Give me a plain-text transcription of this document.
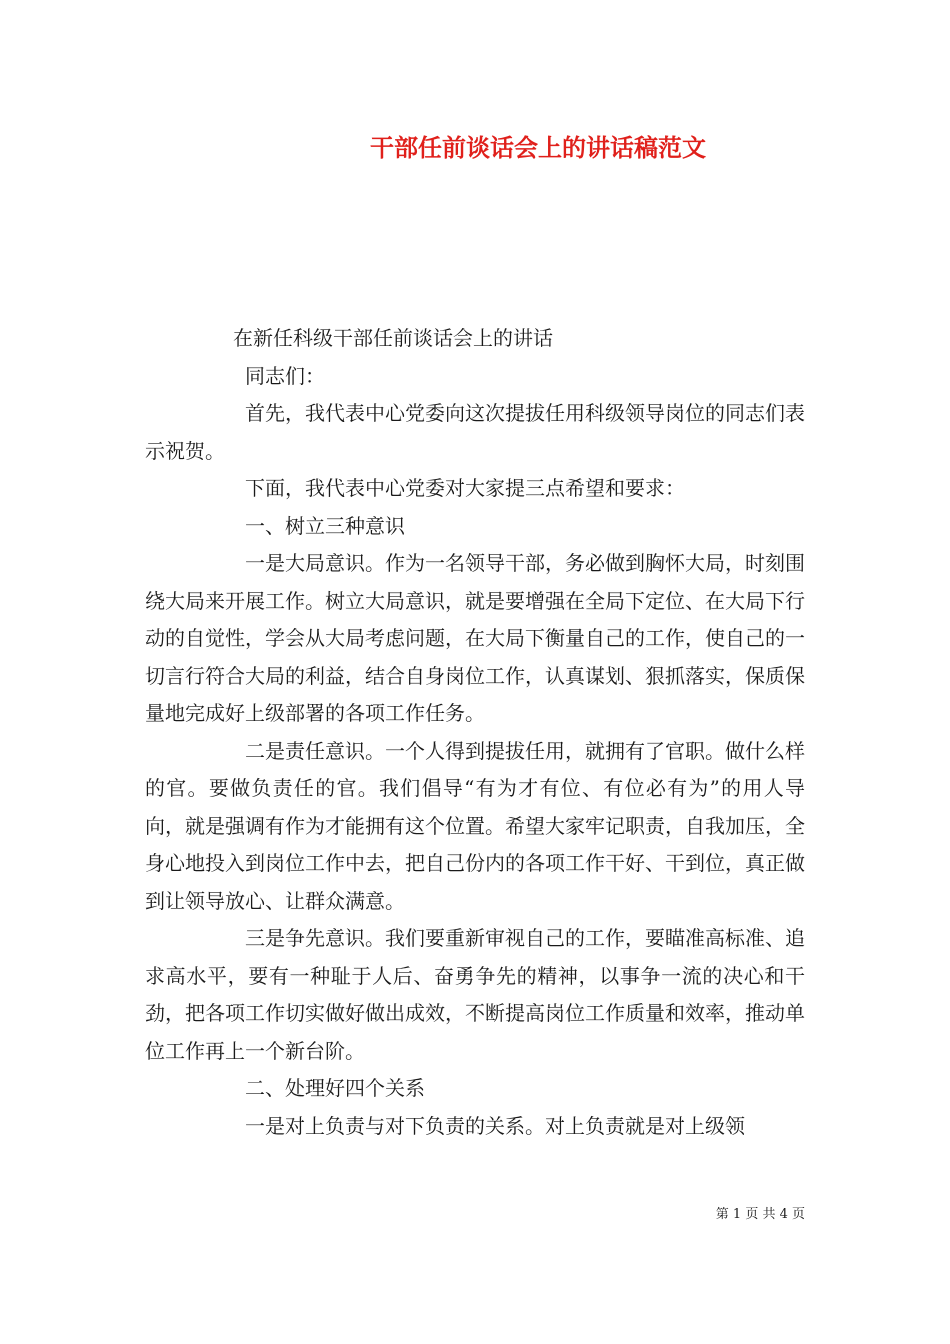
干部任前谈话会上的讲话稿范文

在新任科级干部任前谈话会上的讲话

同志们：

首先，我代表中心党委向这次提拔任用科级领导岗位的同志们表示祝贺。

下面，我代表中心党委对大家提三点希望和要求：

一、树立三种意识

一是大局意识。作为一名领导干部，务必做到胸怀大局，时刻围绕大局来开展工作。树立大局意识，就是要增强在全局下定位、在大局下行动的自觉性，学会从大局考虑问题，在大局下衡量自己的工作，使自己的一切言行符合大局的利益，结合自身岗位工作，认真谋划、狠抓落实，保质保量地完成好上级部署的各项工作任务。

二是责任意识。一个人得到提拔任用，就拥有了官职。做什么样的官。要做负责任的官。我们倡导“有为才有位、有位必有为”的用人导向，就是强调有作为才能拥有这个位置。希望大家牢记职责，自我加压，全身心地投入到岗位工作中去，把自己份内的各项工作干好、干到位，真正做到让领导放心、让群众满意。

三是争先意识。我们要重新审视自己的工作，要瞄准高标准、追求高水平，要有一种耻于人后、奋勇争先的精神，以事争一流的决心和干劲，把各项工作切实做好做出成效，不断提高岗位工作质量和效率，推动单位工作再上一个新台阶。

二、处理好四个关系

一是对上负责与对下负责的关系。对上负责就是对上级领

第 1 页 共 4 页
